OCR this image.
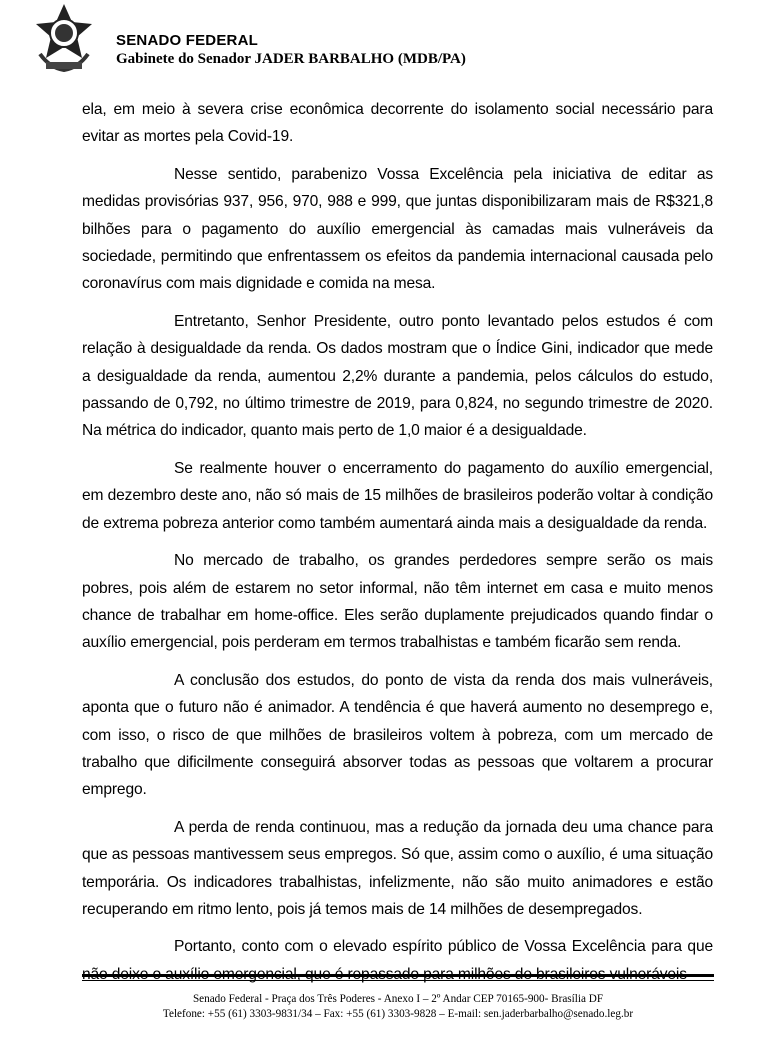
SENADO FEDERAL
Gabinete do Senador JADER BARBALHO (MDB/PA)

ela, em meio à severa crise econômica decorrente do isolamento social necessário para evitar as mortes pela Covid-19.

Nesse sentido, parabenizo Vossa Excelência pela iniciativa de editar as medidas provisórias 937, 956, 970, 988 e 999, que juntas disponibilizaram mais de R$321,8 bilhões para o pagamento do auxílio emergencial às camadas mais vulneráveis da sociedade, permitindo que enfrentassem os efeitos da pandemia internacional causada pelo coronavírus com mais dignidade e comida na mesa.

Entretanto, Senhor Presidente, outro ponto levantado pelos estudos é com relação à desigualdade da renda. Os dados mostram que o Índice Gini, indicador que mede a desigualdade da renda, aumentou 2,2% durante a pandemia, pelos cálculos do estudo, passando de 0,792, no último trimestre de 2019, para 0,824, no segundo trimestre de 2020. Na métrica do indicador, quanto mais perto de 1,0 maior é a desigualdade.

Se realmente houver o encerramento do pagamento do auxílio emergencial, em dezembro deste ano, não só mais de 15 milhões de brasileiros poderão voltar à condição de extrema pobreza anterior como também aumentará ainda mais a desigualdade da renda.

No mercado de trabalho, os grandes perdedores sempre serão os mais pobres, pois além de estarem no setor informal, não têm internet em casa e muito menos chance de trabalhar em home-office. Eles serão duplamente prejudicados quando findar o auxílio emergencial, pois perderam em termos trabalhistas e também ficarão sem renda.

A conclusão dos estudos, do ponto de vista da renda dos mais vulneráveis, aponta que o futuro não é animador. A tendência é que haverá aumento no desemprego e, com isso, o risco de que milhões de brasileiros voltem à pobreza, com um mercado de trabalho que dificilmente conseguirá absorver todas as pessoas que voltarem a procurar emprego.

A perda de renda continuou, mas a redução da jornada deu uma chance para que as pessoas mantivessem seus empregos. Só que, assim como o auxílio, é uma situação temporária. Os indicadores trabalhistas, infelizmente, não são muito animadores e estão recuperando em ritmo lento, pois já temos mais de 14 milhões de desempregados.

Portanto, conto com o elevado espírito público de Vossa Excelência para que

Senado Federal - Praça dos Três Poderes - Anexo I – 2º Andar CEP 70165-900- Brasília DF
Telefone: +55 (61) 3303-9831/34 – Fax: +55 (61) 3303-9828 – E-mail: sen.jaderbarbalho@senado.leg.br
